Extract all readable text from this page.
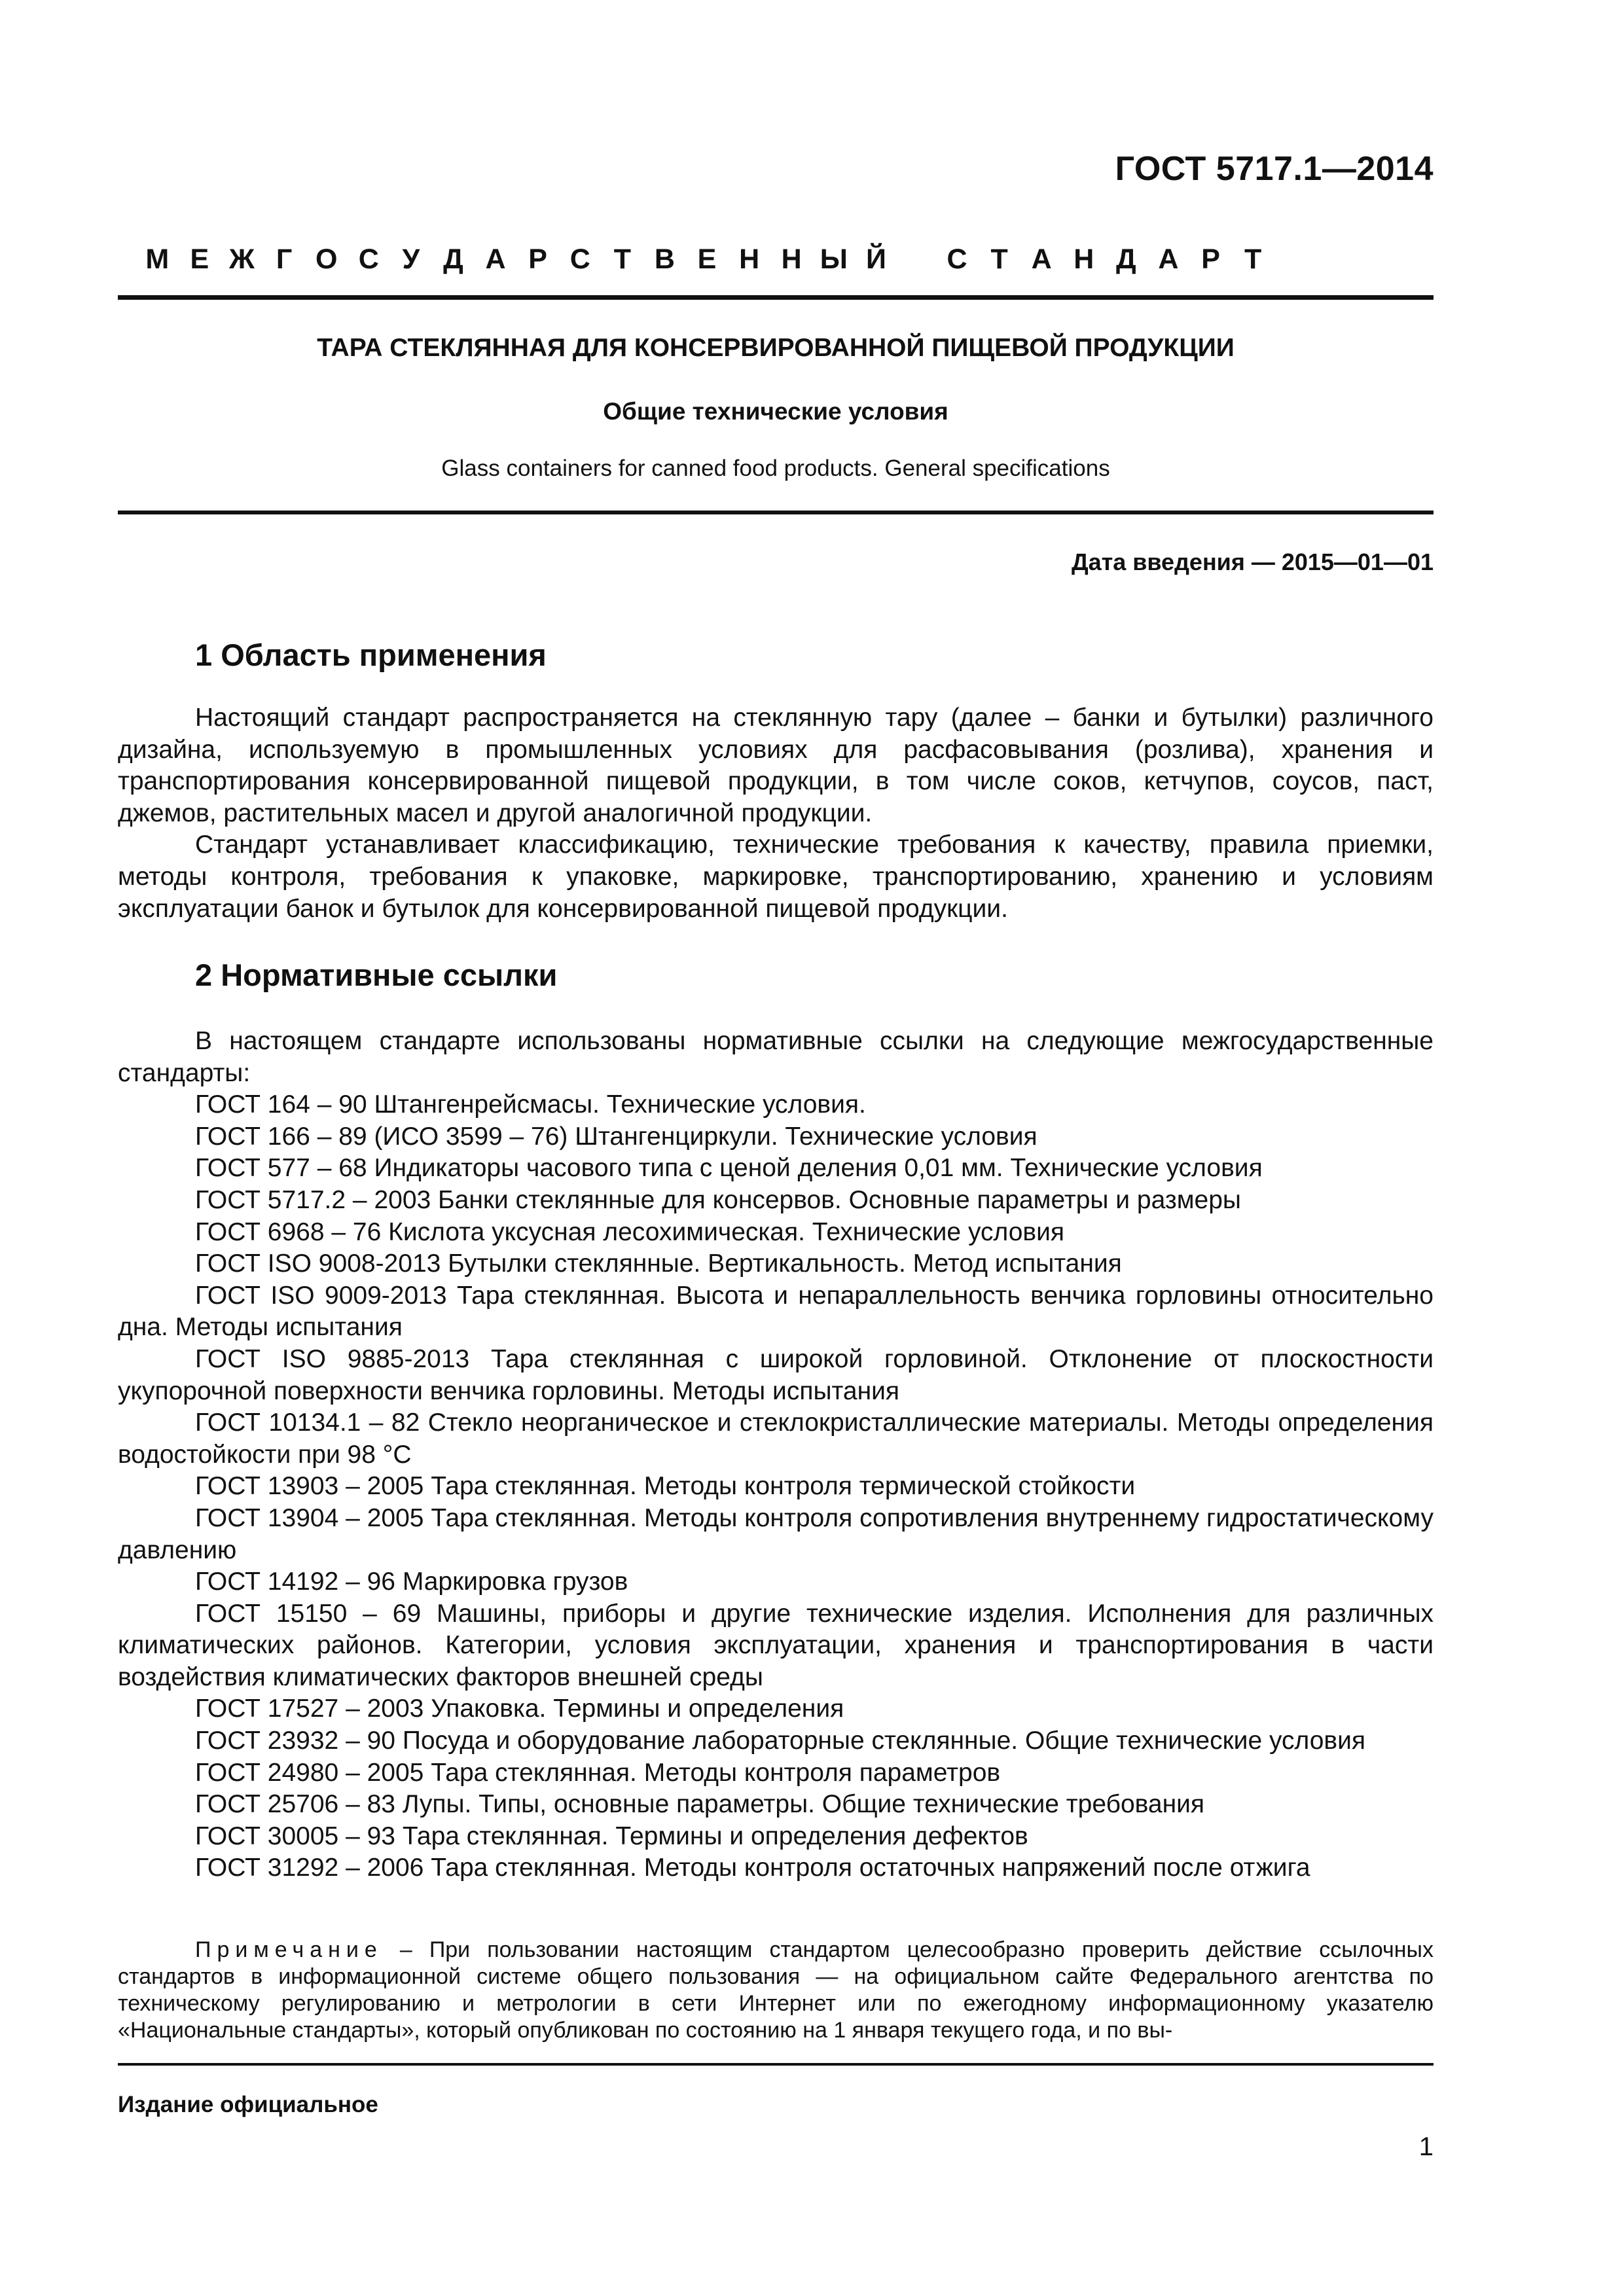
ГОСТ 5717.1—2014
М Е Ж Г О С У Д А Р С Т В Е Н Н Ы Й С Т А Н Д А Р Т
ТАРА СТЕКЛЯННАЯ ДЛЯ КОНСЕРВИРОВАННОЙ ПИЩЕВОЙ ПРОДУКЦИИ
Общие технические условия
Glass containers for canned food products. General specifications
Дата введения — 2015—01—01
1 Область применения

Настоящий стандарт распространяется на стеклянную тару (далее – банки и бутылки) различного дизайна, используемую в промышленных условиях для расфасовывания (розлива), хранения и транспортирования консервированной пищевой продукции, в том числе соков, кетчупов, соусов, паст, джемов, растительных масел и другой аналогичной продукции.

Стандарт устанавливает классификацию, технические требования к качеству, правила приемки, методы контроля, требования к упаковке, маркировке, транспортированию, хранению и условиям эксплуатации банок и бутылок для консервированной пищевой продукции.

2 Нормативные ссылки

В настоящем стандарте использованы нормативные ссылки на следующие межгосударственные стандарты:

ГОСТ 164 – 90 Штангенрейсмасы. Технические условия.

ГОСТ 166 – 89 (ИСО 3599 – 76) Штангенциркули. Технические условия

ГОСТ 577 – 68 Индикаторы часового типа с ценой деления 0,01 мм. Технические условия

ГОСТ 5717.2 – 2003 Банки стеклянные для консервов. Основные параметры и размеры

ГОСТ 6968 – 76 Кислота уксусная лесохимическая. Технические условия

ГОСТ ISO 9008-2013 Бутылки стеклянные. Вертикальность. Метод испытания

ГОСТ ISO 9009-2013 Тара стеклянная. Высота и непараллельность венчика горловины относительно дна. Методы испытания

ГОСТ ISO 9885-2013 Тара стеклянная с широкой горловиной. Отклонение от плоскостности укупорочной поверхности венчика горловины. Методы испытания

ГОСТ 10134.1 – 82 Стекло неорганическое и стеклокристаллические материалы. Методы определения водостойкости при 98 °С

ГОСТ 13903 – 2005 Тара стеклянная. Методы контроля термической стойкости

ГОСТ 13904 – 2005 Тара стеклянная. Методы контроля сопротивления внутреннему гидростатическому давлению

ГОСТ 14192 – 96 Маркировка грузов

ГОСТ 15150 – 69 Машины, приборы и другие технические изделия. Исполнения для различных климатических районов. Категории, условия эксплуатации, хранения и транспортирования в части воздействия климатических факторов внешней среды

ГОСТ 17527 – 2003 Упаковка. Термины и определения

ГОСТ 23932 – 90 Посуда и оборудование лабораторные стеклянные. Общие технические условия

ГОСТ 24980 – 2005 Тара стеклянная. Методы контроля параметров

ГОСТ 25706 – 83 Лупы. Типы, основные параметры. Общие технические требования

ГОСТ 30005 – 93 Тара стеклянная. Термины и определения дефектов

ГОСТ 31292 – 2006 Тара стеклянная. Методы контроля остаточных напряжений после отжига

Примечание – При пользовании настоящим стандартом целесообразно проверить действие ссылочных стандартов в информационной системе общего пользования — на официальном сайте Федерального агентства по техническому регулированию и метрологии в сети Интернет или по ежегодному информационному указателю «Национальные стандарты», который опубликован по состоянию на 1 января текущего года, и по вы-

Издание официальное
1
